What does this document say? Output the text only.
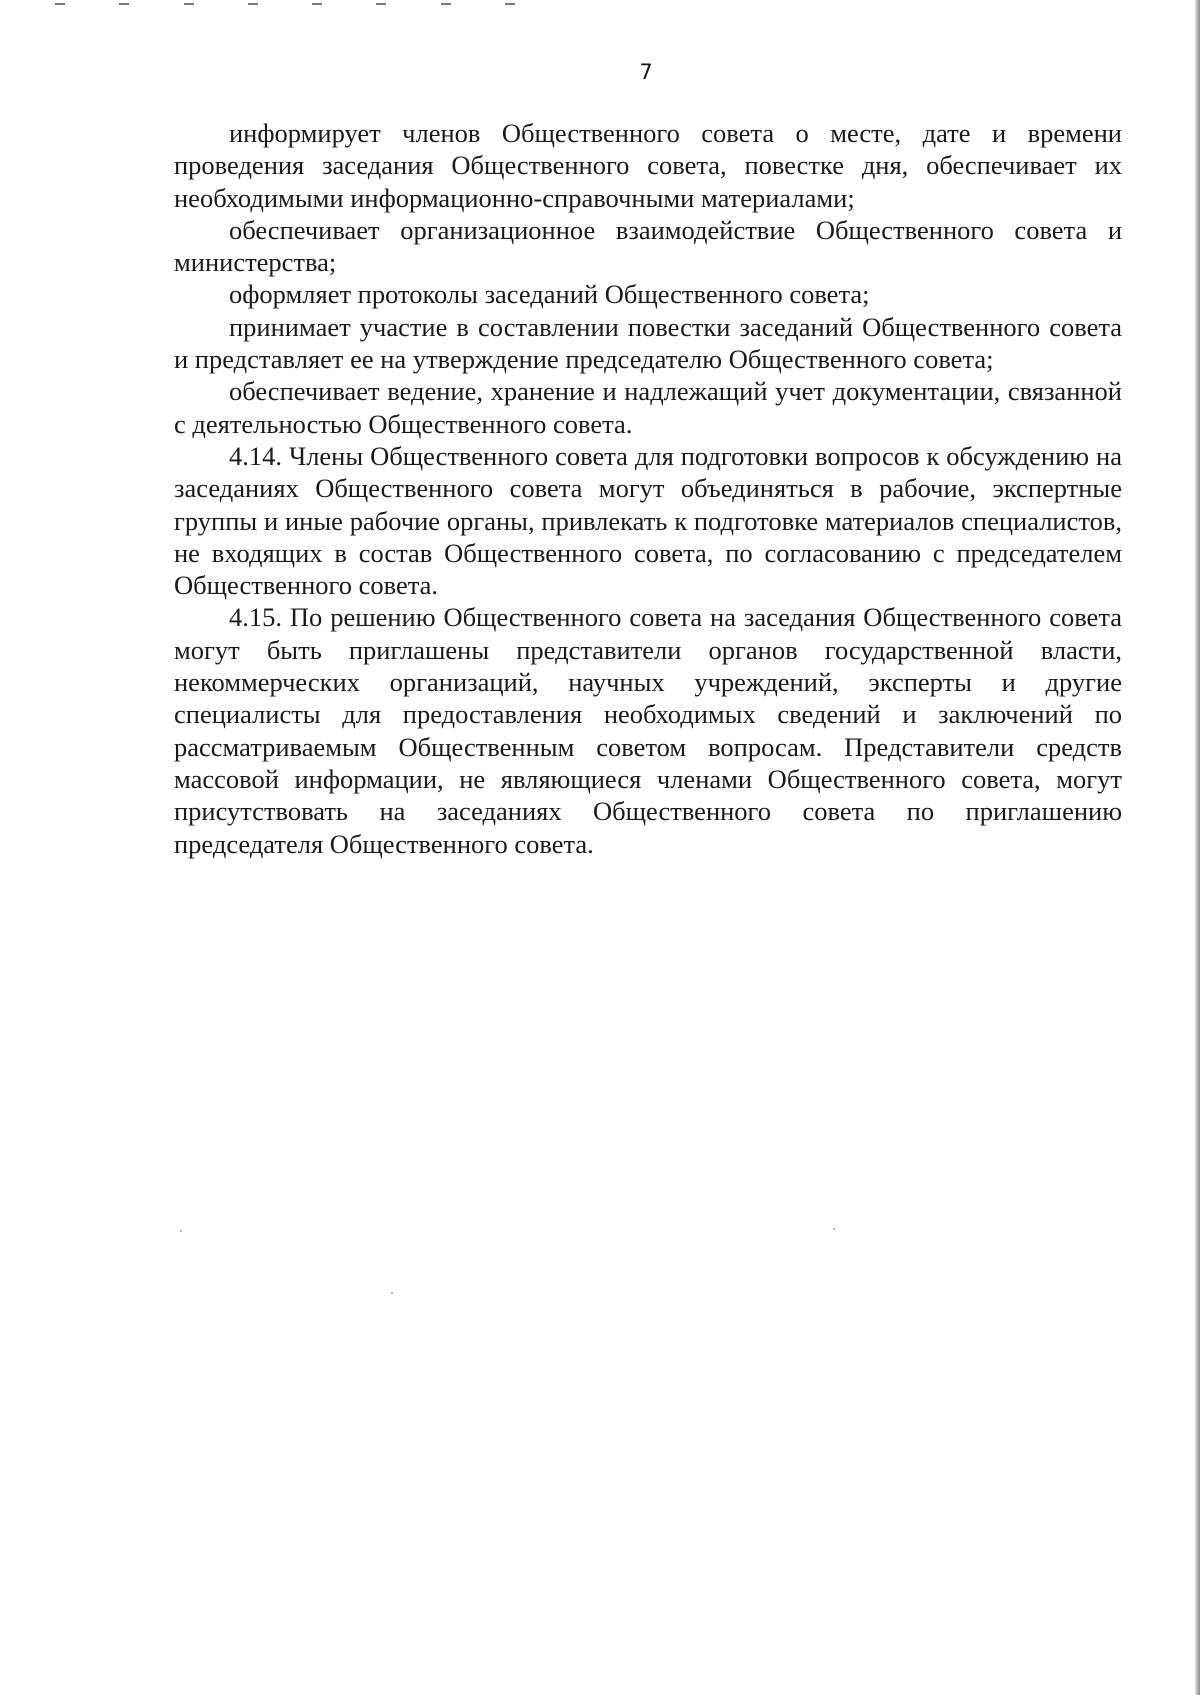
7

информирует членов Общественного совета о месте, дате и времени проведения заседания Общественного совета, повестке дня, обеспечивает их необходимыми информационно-справочными материалами;

обеспечивает организационное взаимодействие Общественного совета и министерства;

оформляет протоколы заседаний Общественного совета;

принимает участие в составлении повестки заседаний Общественного совета и представляет ее на утверждение председателю Общественного совета;

обеспечивает ведение, хранение и надлежащий учет документации, связанной с деятельностью Общественного совета.

4.14. Члены Общественного совета для подготовки вопросов к обсуждению на заседаниях Общественного совета могут объединяться в рабочие, экспертные группы и иные рабочие органы, привлекать к подготовке материалов специалистов, не входящих в состав Общественного совета, по согласованию с председателем Общественного совета.

4.15. По решению Общественного совета на заседания Общественного совета могут быть приглашены представители органов государственной власти, некоммерческих организаций, научных учреждений, эксперты и другие специалисты для предоставления необходимых сведений и заключений по рассматриваемым Общественным советом вопросам. Представители средств массовой информации, не являющиеся членами Общественного совета, могут присутствовать на заседаниях Общественного совета по приглашению председателя Общественного совета.
